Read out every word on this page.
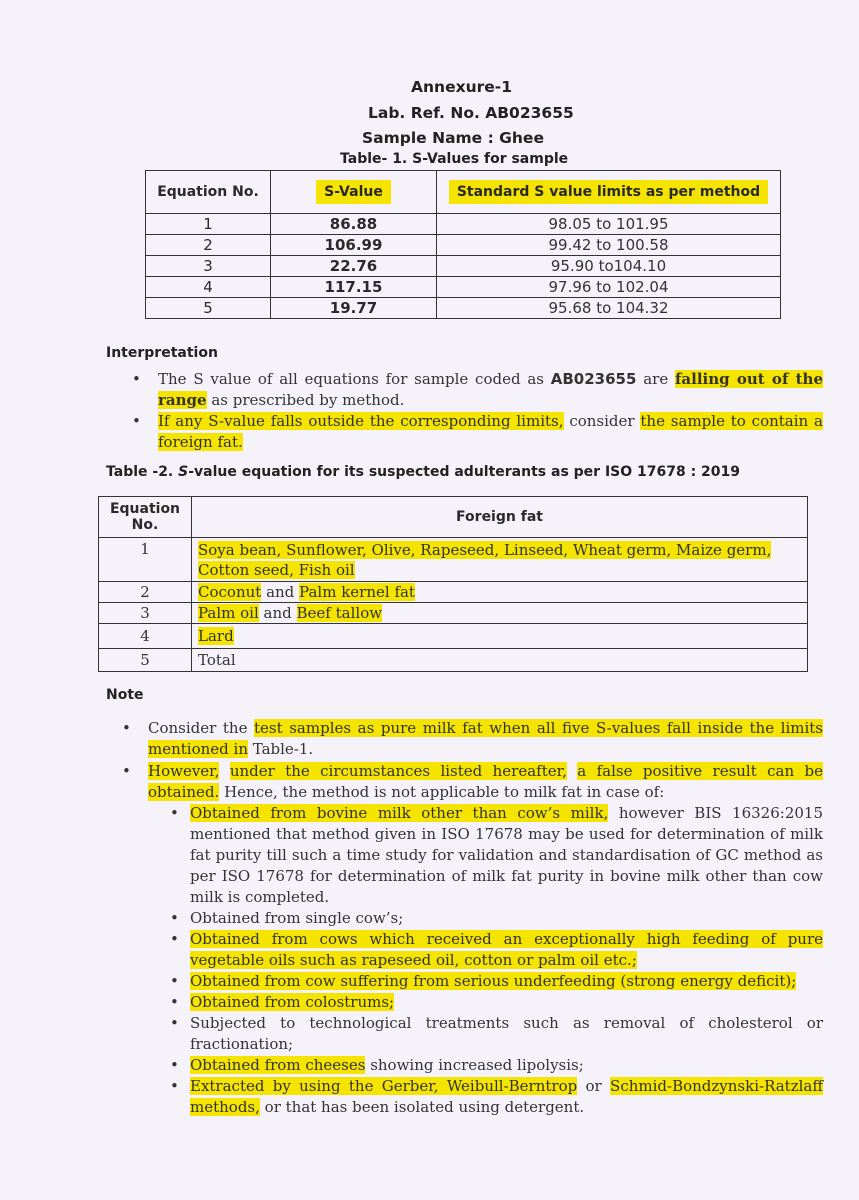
Annexure-1
Lab. Ref. No. AB023655
Sample Name : Ghee
Table- 1. S-Values for sample
Equation No.	S-Value	Standard S value limits as per method
1	86.88	98.05 to 101.95
2	106.99	99.42 to 100.58
3	22.76	95.90 to104.10
4	117.15	97.96 to 102.04
5	19.77	95.68 to 104.32
Interpretation
• The S value of all equations for sample coded as AB023655 are falling out of the range as prescribed by method.
• If any S-value falls outside the corresponding limits, consider the sample to contain a foreign fat.
Table -2. S-value equation for its suspected adulterants as per ISO 17678 : 2019
Equation No.	Foreign fat
1	Soya bean, Sunflower, Olive, Rapeseed, Linseed, Wheat germ, Maize germ, Cotton seed, Fish oil
2	Coconut and Palm kernel fat
3	Palm oil and Beef tallow
4	Lard
5	Total
Note
• Consider the test samples as pure milk fat when all five S-values fall inside the limits mentioned in Table-1.
• However, under the circumstances listed hereafter, a false positive result can be obtained. Hence, the method is not applicable to milk fat in case of:
• Obtained from bovine milk other than cow’s milk, however BIS 16326:2015 mentioned that method given in ISO 17678 may be used for determination of milk fat purity till such a time study for validation and standardisation of GC method as per ISO 17678 for determination of milk fat purity in bovine milk other than cow milk is completed.
• Obtained from single cow’s;
• Obtained from cows which received an exceptionally high feeding of pure vegetable oils such as rapeseed oil, cotton or palm oil etc.;
• Obtained from cow suffering from serious underfeeding (strong energy deficit);
• Obtained from colostrums;
• Subjected to technological treatments such as removal of cholesterol or fractionation;
• Obtained from cheeses showing increased lipolysis;
• Extracted by using the Gerber, Weibull-Berntrop or Schmid-Bondzynski-Ratzlaff methods, or that has been isolated using detergent.
